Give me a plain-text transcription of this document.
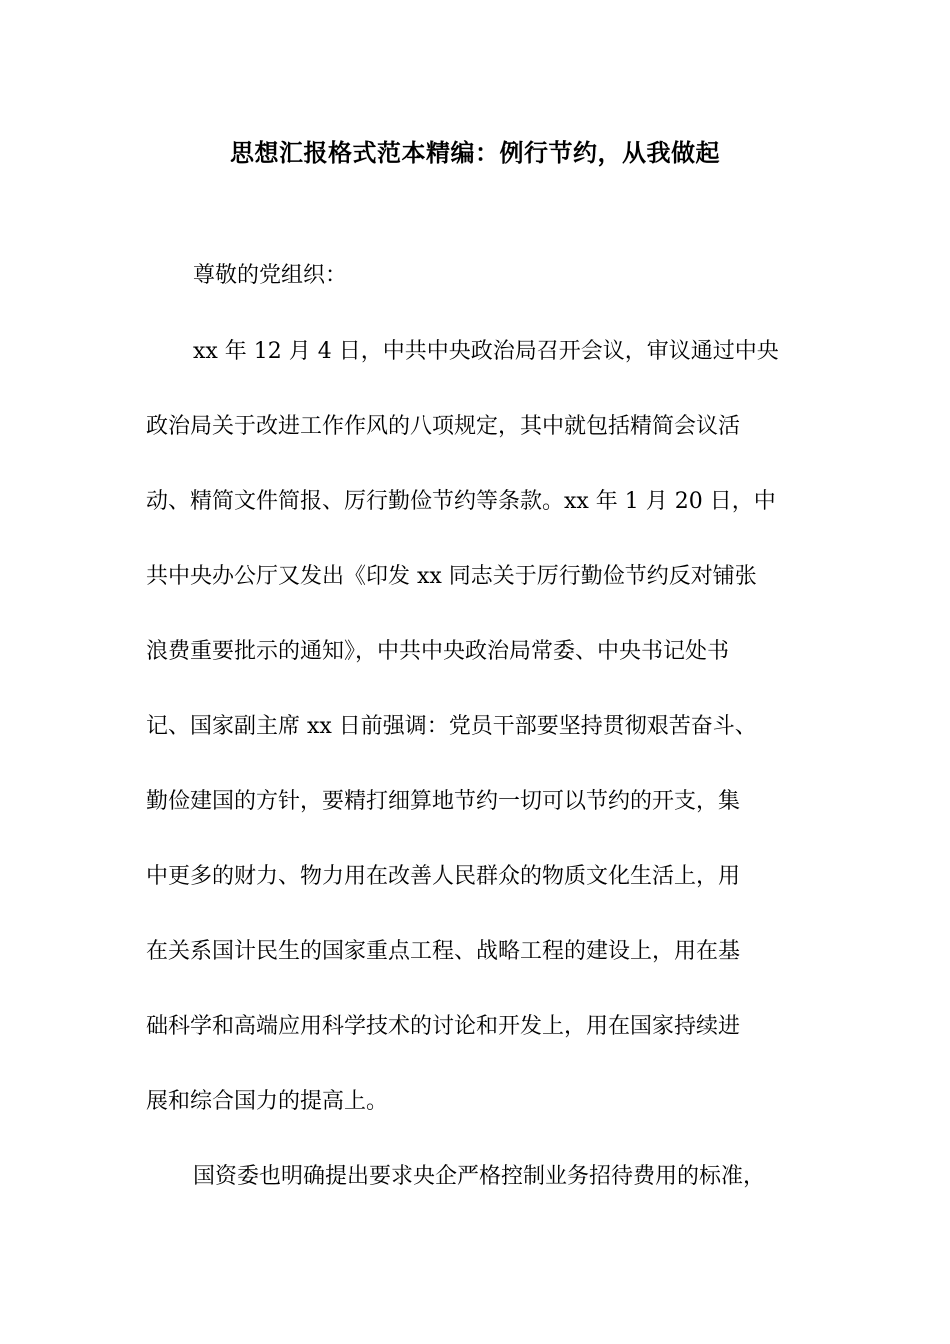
思想汇报格式范本精编：例行节约，从我做起
尊敬的党组织：
xx 年 12 月 4 日，中共中央政治局召开会议，审议通过中央
政治局关于改进工作作风的八项规定，其中就包括精简会议活
动、精简文件简报、厉行勤俭节约等条款。xx 年 1 月 20 日，中
共中央办公厅又发出《印发 xx 同志关于厉行勤俭节约反对铺张
浪费重要批示的通知》，中共中央政治局常委、中央书记处书
记、国家副主席 xx 日前强调：党员干部要坚持贯彻艰苦奋斗、
勤俭建国的方针，要精打细算地节约一切可以节约的开支，集
中更多的财力、物力用在改善人民群众的物质文化生活上，用
在关系国计民生的国家重点工程、战略工程的建设上，用在基
础科学和高端应用科学技术的讨论和开发上，用在国家持续进
展和综合国力的提高上。
国资委也明确提出要求央企严格控制业务招待费用的标准，
